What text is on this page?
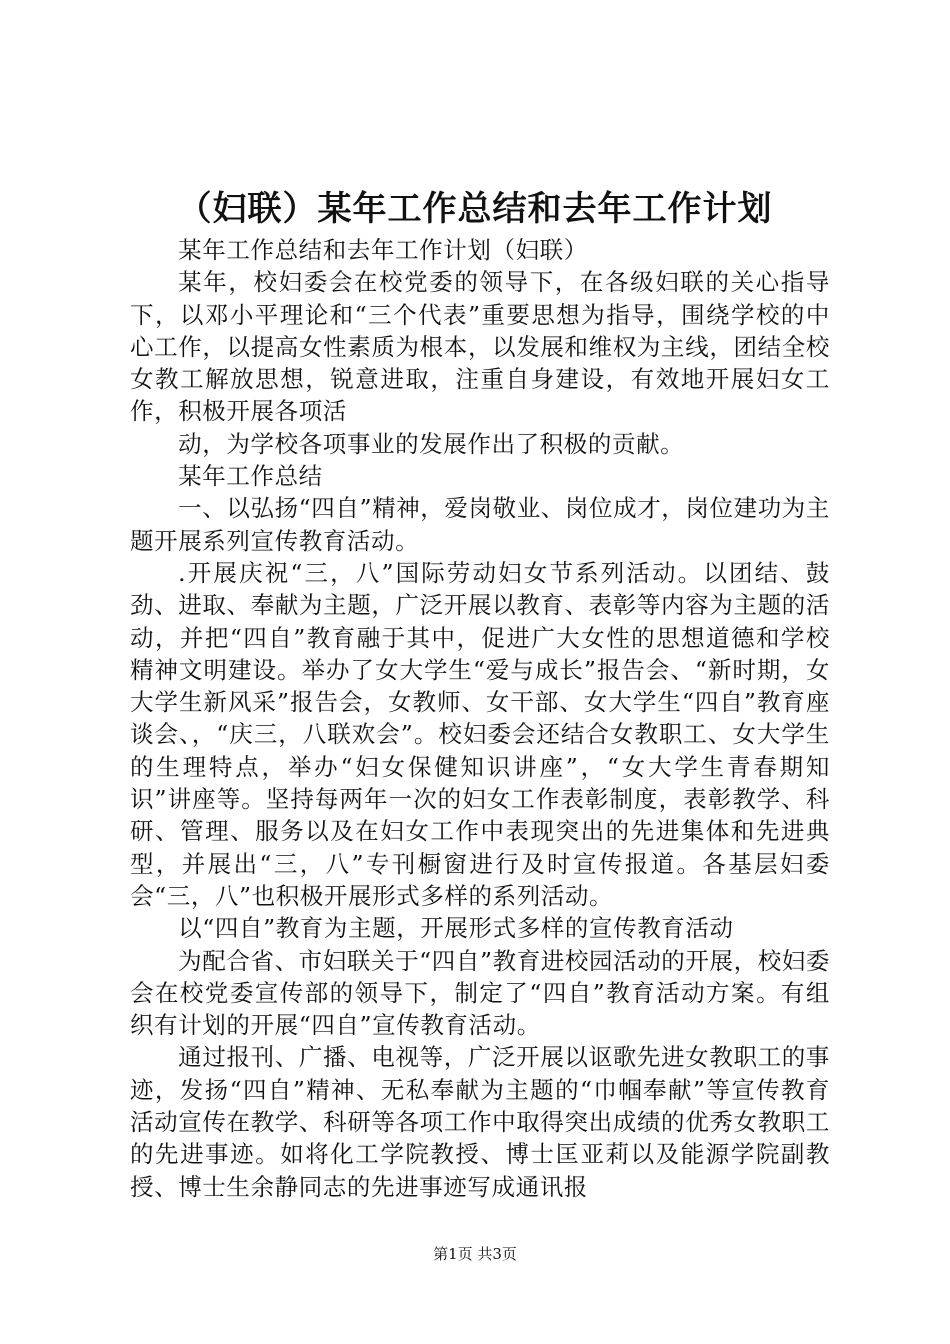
（妇联）某年工作总结和去年工作计划

某年工作总结和去年工作计划（妇联）

某年，校妇委会在校党委的领导下，在各级妇联的关心指导下，以邓小平理论和“三个代表”重要思想为指导，围绕学校的中心工作，以提高女性素质为根本，以发展和维权为主线，团结全校女教工解放思想，锐意进取，注重自身建设，有效地开展妇女工作，积极开展各项活

动，为学校各项事业的发展作出了积极的贡献。

某年工作总结

一、以弘扬“四自”精神，爱岗敬业、岗位成才，岗位建功为主题开展系列宣传教育活动。

.开展庆祝“三，八”国际劳动妇女节系列活动。以团结、鼓劲、进取、奉献为主题，广泛开展以教育、表彰等内容为主题的活动，并把“四自”教育融于其中，促进广大女性的思想道德和学校精神文明建设。举办了女大学生“爱与成长”报告会、“新时期，女大学生新风采”报告会，女教师、女干部、女大学生“四自”教育座谈会、，“庆三，八联欢会”。校妇委会还结合女教职工、女大学生的生理特点，举办“妇女保健知识讲座”，“女大学生青春期知识”讲座等。坚持每两年一次的妇女工作表彰制度，表彰教学、科研、管理、服务以及在妇女工作中表现突出的先进集体和先进典型，并展出“三，八”专刊橱窗进行及时宣传报道。各基层妇委会“三，八”也积极开展形式多样的系列活动。

以“四自”教育为主题，开展形式多样的宣传教育活动

为配合省、市妇联关于“四自”教育进校园活动的开展，校妇委会在校党委宣传部的领导下，制定了“四自”教育活动方案。有组织有计划的开展“四自”宣传教育活动。

通过报刊、广播、电视等，广泛开展以讴歌先进女教职工的事迹，发扬“四自”精神、无私奉献为主题的“巾帼奉献”等宣传教育活动宣传在教学、科研等各项工作中取得突出成绩的优秀女教职工的先进事迹。如将化工学院教授、博士匡亚莉以及能源学院副教授、博士生余静同志的先进事迹写成通讯报

第1页 共3页
